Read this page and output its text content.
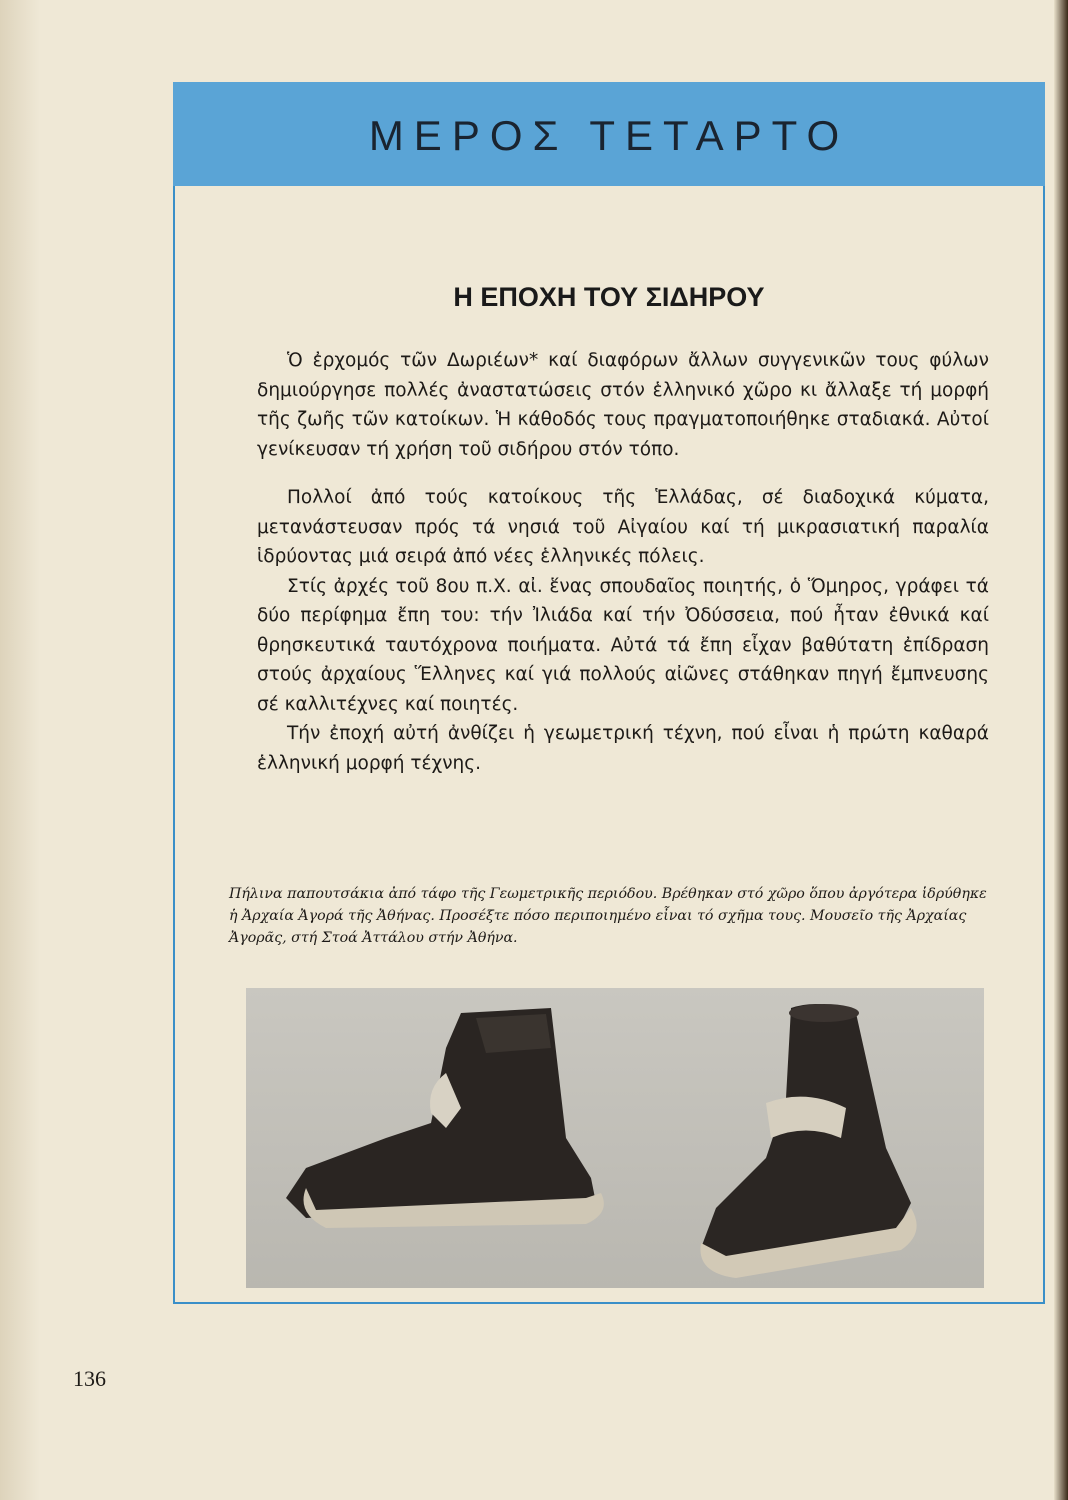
ΜΕΡΟΣ ΤΕΤΑΡΤΟ
Η ΕΠΟΧΗ ΤΟΥ ΣΙΔΗΡΟΥ

Ὁ ἐρχομός τῶν Δωριέων* καί διαφόρων ἄλλων συγγενικῶν τους φύλων δημιούργησε πολλές ἀναστατώσεις στόν ἑλληνικό χῶρο κι ἄλλαξε τή μορφή τῆς ζωῆς τῶν κατοίκων. Ἡ κάθοδός τους πραγματοποιήθηκε σταδιακά. Αὐτοί γενίκευσαν τή χρήση τοῦ σιδήρου στόν τόπο.

Πολλοί ἀπό τούς κατοίκους τῆς Ἑλλάδας, σέ διαδοχικά κύματα, μετανάστευσαν πρός τά νησιά τοῦ Αἰγαίου καί τή μικρασιατική παραλία ἱδρύοντας μιά σειρά ἀπό νέες ἑλληνικές πόλεις.

Στίς ἀρχές τοῦ 8ου π.Χ. αἰ. ἕνας σπουδαῖος ποιητής, ὁ Ὅμηρος, γράφει τά δύο περίφημα ἔπη του: τήν Ἰλιάδα καί τήν Ὀδύσσεια, πού ἦταν ἐθνικά καί θρησκευτικά ταυτόχρονα ποιήματα. Αὐτά τά ἔπη εἶχαν βαθύτατη ἐπίδραση στούς ἀρχαίους Ἕλληνες καί γιά πολλούς αἰῶνες στάθηκαν πηγή ἔμπνευσης σέ καλλιτέχνες καί ποιητές.

Τήν ἐποχή αὐτή ἀνθίζει ἡ γεωμετρική τέχνη, πού εἶναι ἡ πρώτη καθαρά ἑλληνική μορφή τέχνης.

Πήλινα παπουτσάκια ἀπό τάφο τῆς Γεωμετρικῆς περιόδου. Βρέθηκαν στό χῶρο ὅπου ἀργότερα ἱδρύθηκε ἡ Ἀρχαία Ἀγορά τῆς Ἀθήνας. Προσέξτε πόσο περιποιημένο εἶναι τό σχῆμα τους. Μουσεῖο τῆς Ἀρχαίας Ἀγορᾶς, στή Στοά Ἀττάλου στήν Ἀθήνα.

136
